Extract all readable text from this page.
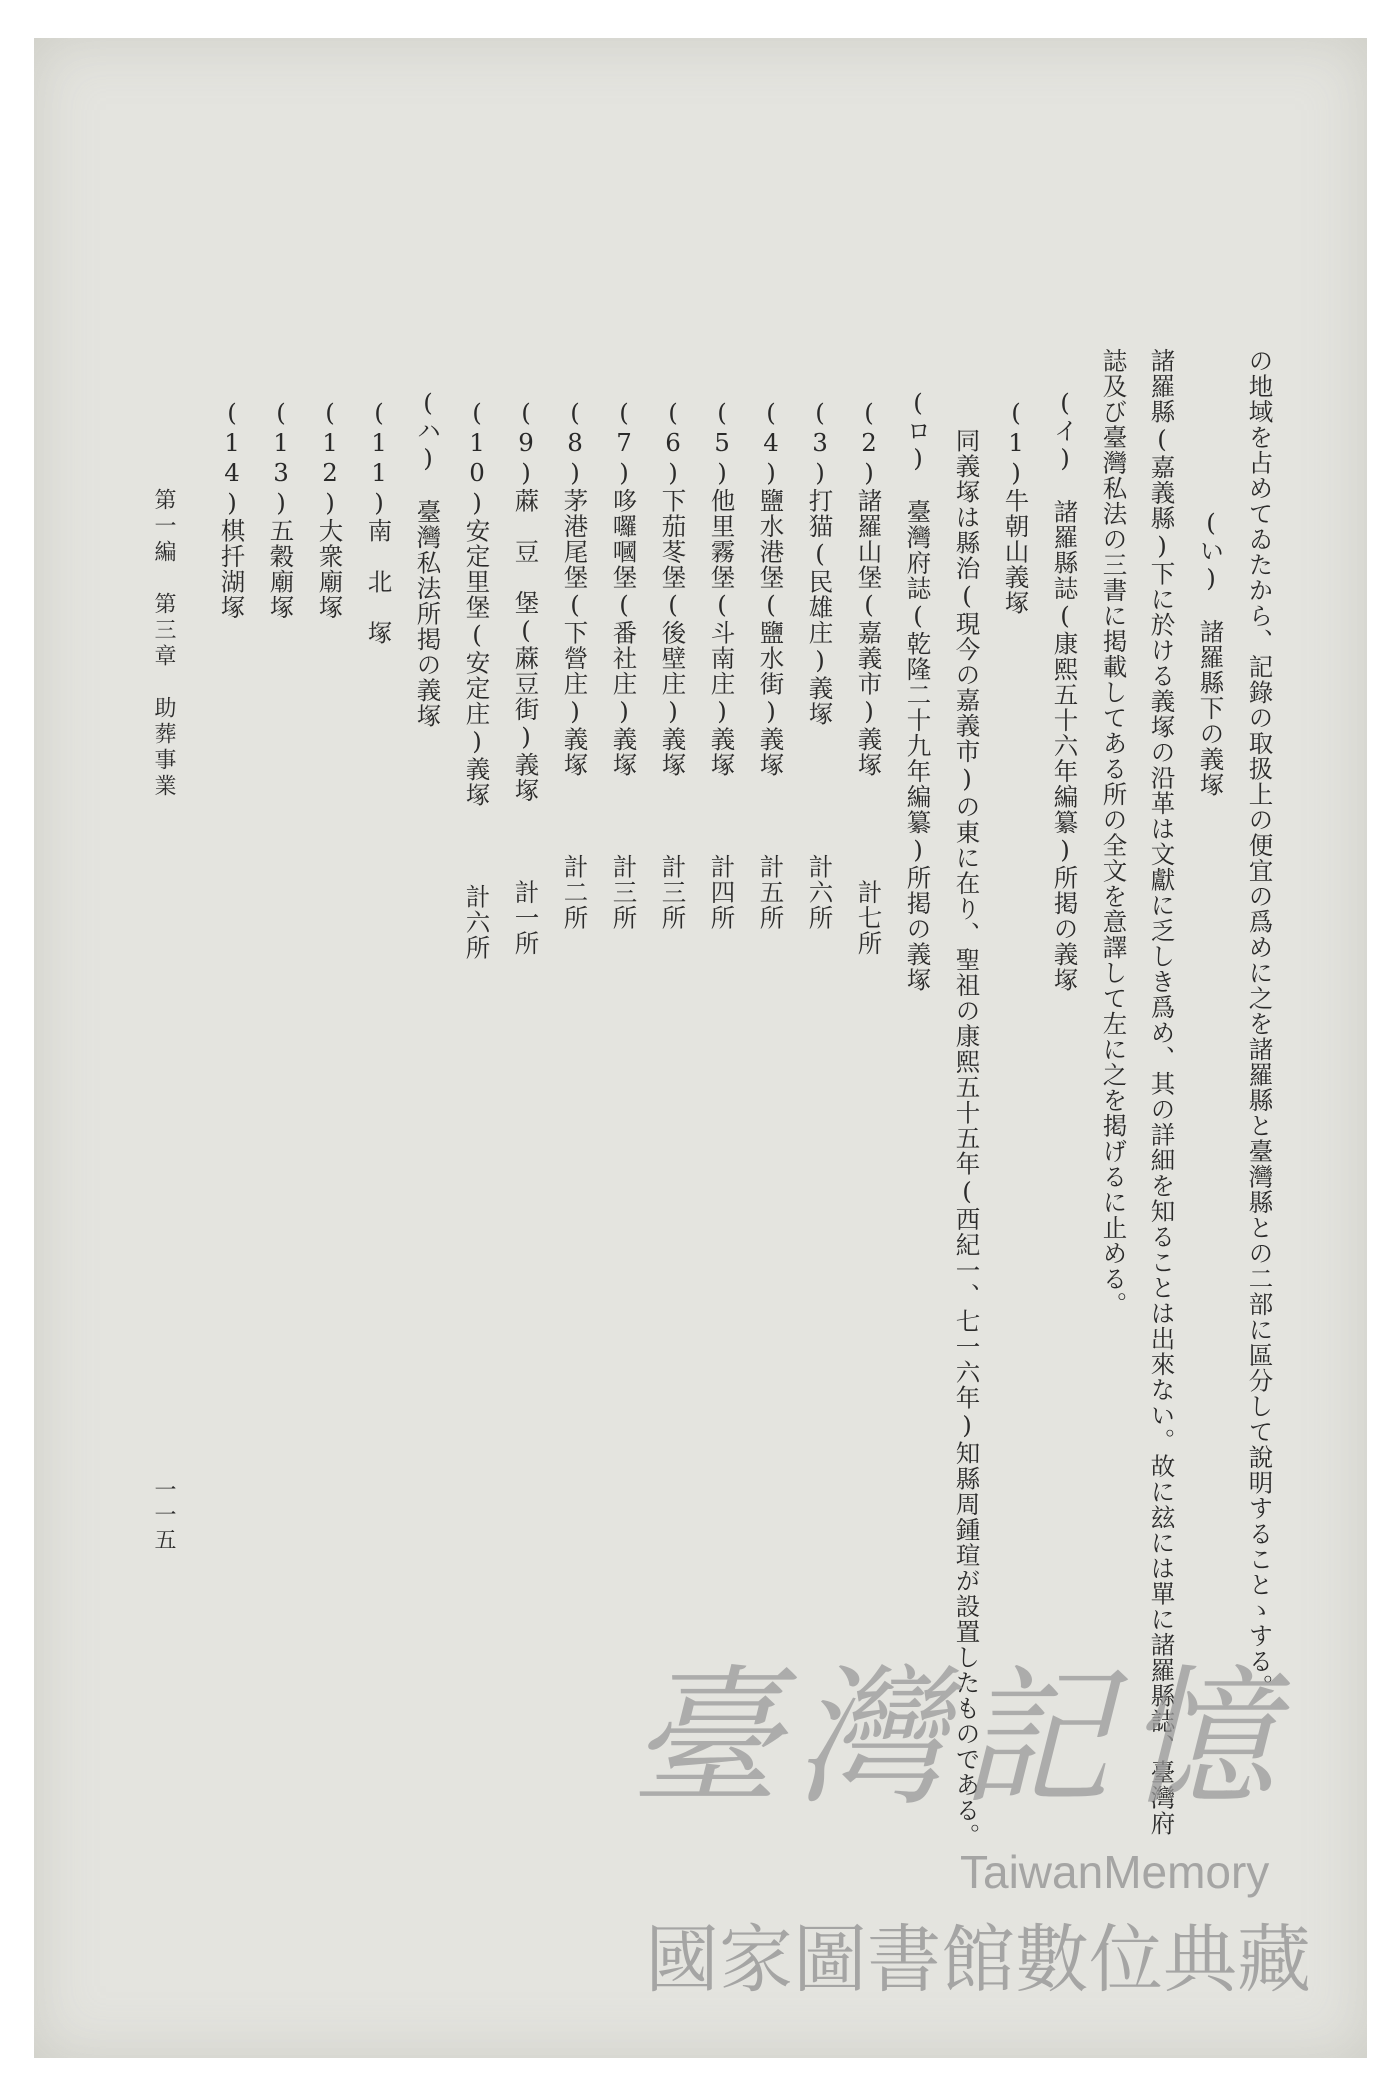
の地域を占めてゐたから、記錄の取扱上の便宜の爲めに之を諸羅縣と臺灣縣との二部に區分して說明することゝする。
(い)　諸羅縣下の義塚
諸羅縣(嘉義縣)下に於ける義塚の沿革は文獻に乏しき爲め、其の詳細を知ることは出來ない。故に玆には單に諸羅縣誌、臺灣府
誌及び臺灣私法の三書に掲載してある所の全文を意譯して左に之を掲げるに止める。
(イ)　諸羅縣誌(康熙五十六年編纂)所掲の義塚
(1)牛朝山義塚
同義塚は縣治(現今の嘉義市)の東に在り、聖祖の康熙五十五年(西紀一、七一六年)知縣周鍾瑄が設置したものである。
(ロ)　臺灣府誌(乾隆二十九年編纂)所掲の義塚
(2)諸羅山堡(嘉義市)義塚　　　　計七所
(3)打猫(民雄庄)義塚　　　　　計六所
(4)鹽水港堡(鹽水街)義塚　　　計五所
(5)他里霧堡(斗南庄)義塚　　　計四所
(6)下茄苳堡(後壁庄)義塚　　　計三所
(7)哆囉嘓堡(番社庄)義塚　　　計三所
(8)茅港尾堡(下營庄)義塚　　　計二所
(9)蔴　豆　堡(蔴豆街)義塚　　　計一所
(10)安定里堡(安定庄)義塚　　　計六所
(ハ)　臺灣私法所掲の義塚
(11)南　北　塚
(12)大衆廟塚
(13)五穀廟塚
(14)棋扦湖塚
第一編　第三章　助葬事業
一一五
臺 灣 記 憶
TaiwanMemory
國家圖書館數位典藏
